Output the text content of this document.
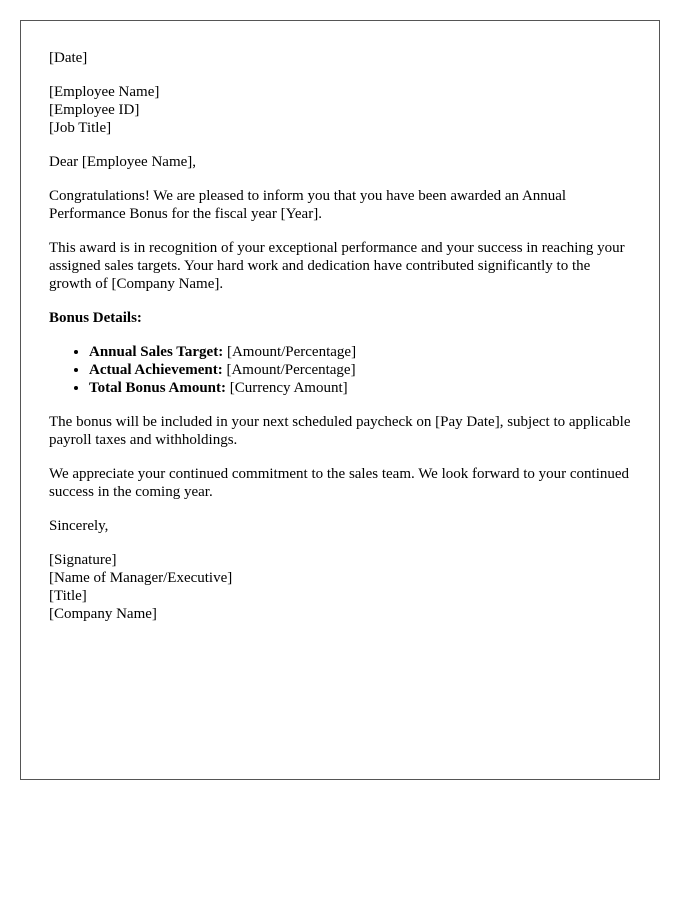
[Date]
[Employee Name]
[Employee ID]
[Job Title]

Dear [Employee Name],

Congratulations! We are pleased to inform you that you have been awarded an Annual Performance Bonus for the fiscal year [Year].

This award is in recognition of your exceptional performance and your success in reaching your assigned sales targets. Your hard work and dedication have contributed significantly to the growth of [Company Name].

Bonus Details:

• Annual Sales Target: [Amount/Percentage]
• Actual Achievement: [Amount/Percentage]
• Total Bonus Amount: [Currency Amount]

The bonus will be included in your next scheduled paycheck on [Pay Date], subject to applicable payroll taxes and withholdings.

We appreciate your continued commitment to the sales team. We look forward to your continued success in the coming year.

Sincerely,

[Signature]
[Name of Manager/Executive]
[Title]
[Company Name]
